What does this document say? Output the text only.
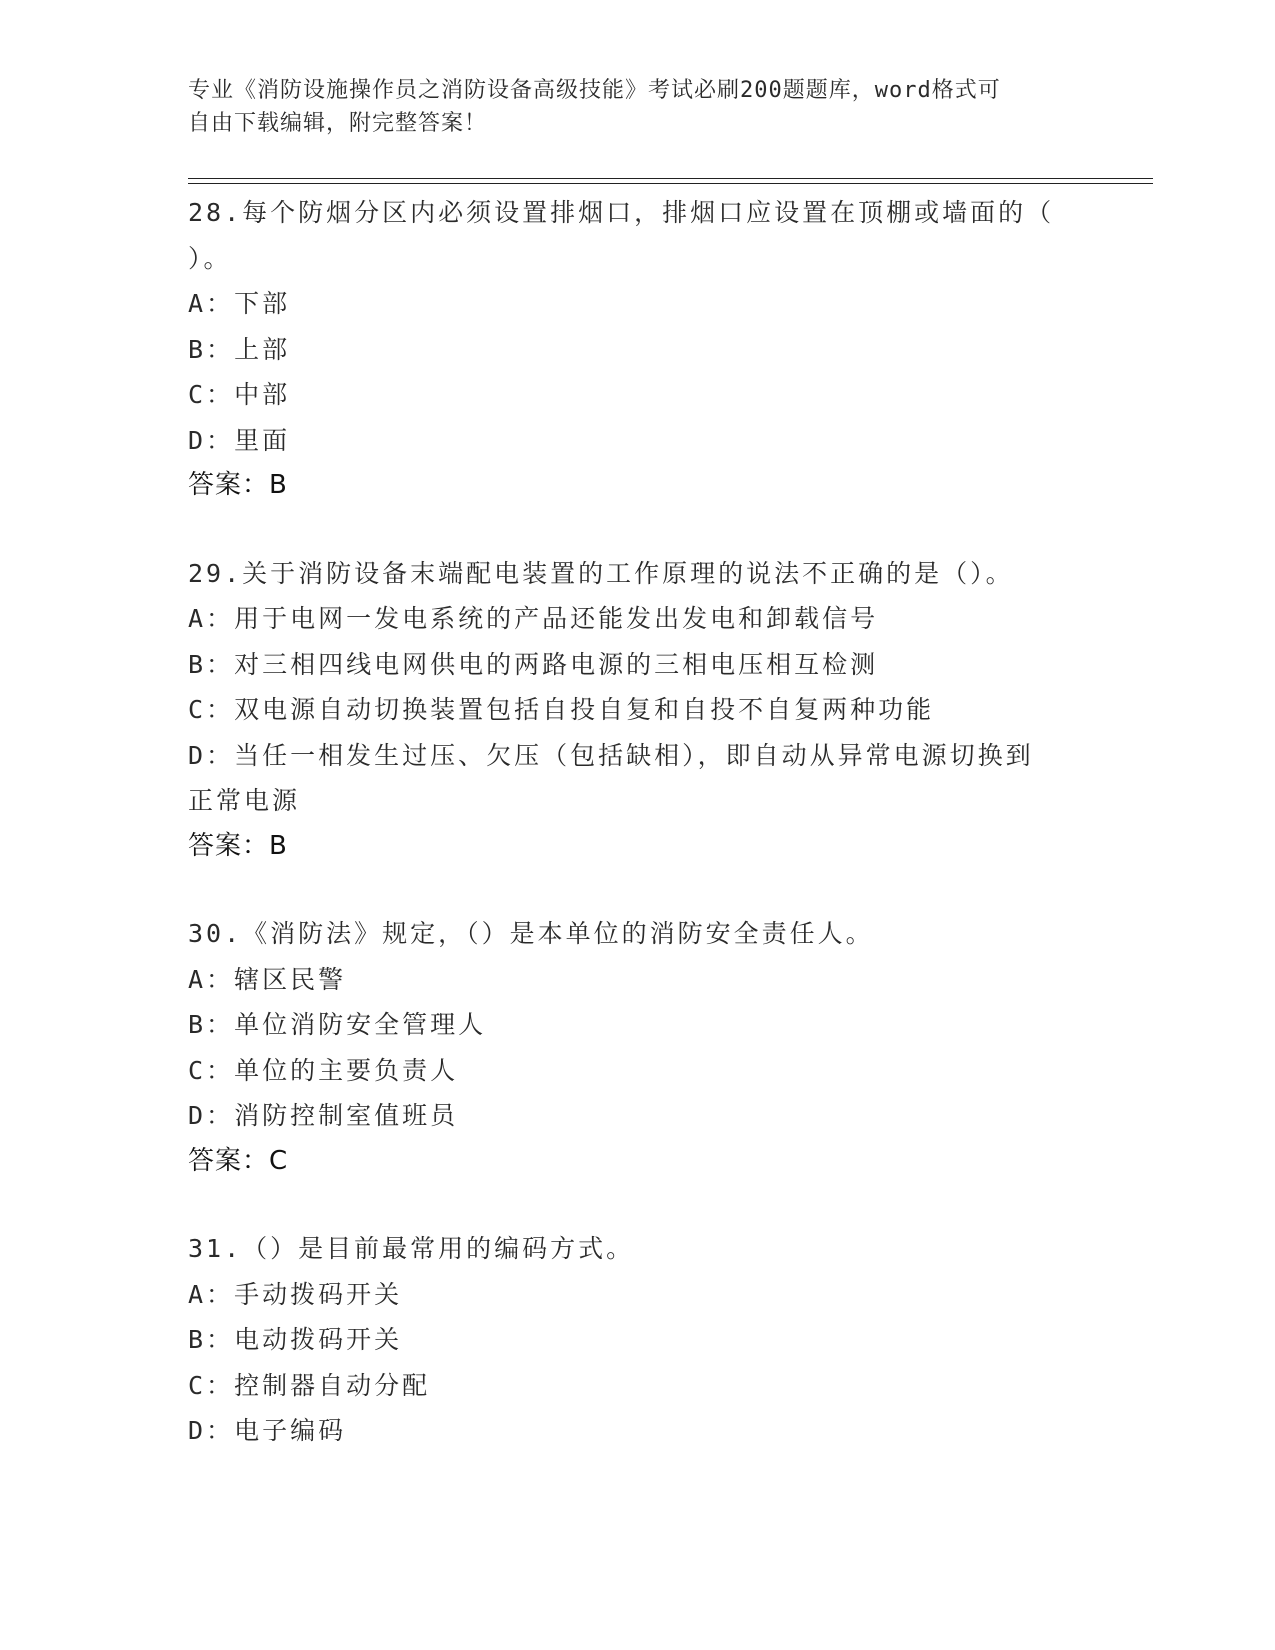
专业《消防设施操作员之消防设备高级技能》考试必刷200题题库，word格式可
自由下载编辑，附完整答案！
28.每个防烟分区内必须设置排烟口，排烟口应设置在顶棚或墙面的（
）。
A：下部
B：上部
C：中部
D：里面
答案：B
29.关于消防设备末端配电装置的工作原理的说法不正确的是（）。
A：用于电网一发电系统的产品还能发出发电和卸载信号
B：对三相四线电网供电的两路电源的三相电压相互检测
C：双电源自动切换装置包括自投自复和自投不自复两种功能
D：当任一相发生过压、欠压（包括缺相），即自动从异常电源切换到
正常电源
答案：B
30.《消防法》规定，（）是本单位的消防安全责任人。
A：辖区民警
B：单位消防安全管理人
C：单位的主要负责人
D：消防控制室值班员
答案：C
31.（）是目前最常用的编码方式。
A：手动拨码开关
B：电动拨码开关
C：控制器自动分配
D：电子编码
